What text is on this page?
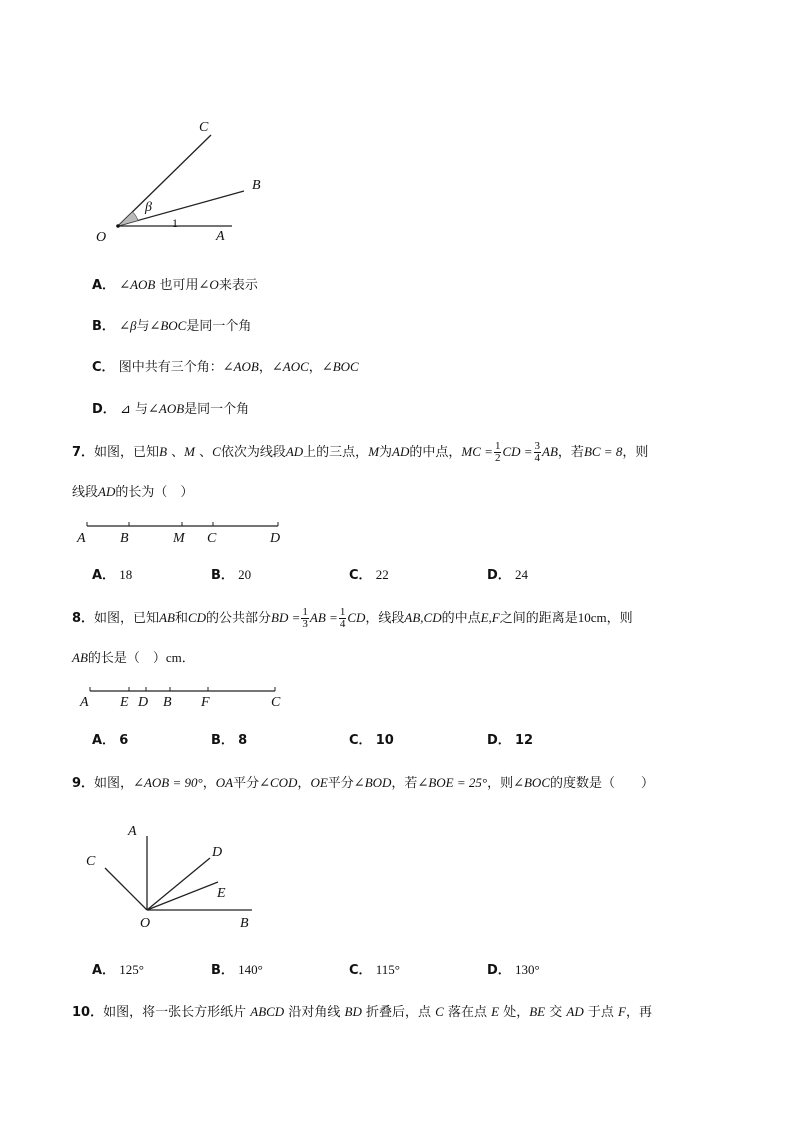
C
B
O	A
β
1
A． ∠AOB 也可用∠O来表示
B． ∠β与∠BOC是同一个角
C． 图中共有三个角：∠AOB，∠AOC，∠BOC
D． ⊿ 与∠AOB是同一个角
7．如图，已知B 、M 、C依次为线段AD上的三点，M为AD的中点，MC = $\frac{1}{2}$ CD = $\frac{3}{4}$ AB，若BC = 8，则
线段AD的长为（　）
A B	M C	D
A． 18	B． 20	C． 22	D． 24
8．如图，已知AB和CD的公共部分BD = $\frac{1}{3}$ AB = $\frac{1}{4}$ CD，线段AB,CD的中点E,F之间的距离是10cm，则
AB的长是（　）cm．
A E D B F	C
A． 6	B． 8	C． 10	D． 12
9．如图，∠AOB = 90°，OA平分∠COD，OE平分∠BOD，若∠BOE = 25°，则∠BOC的度数是（　　）
A
C
D
E
O	B
A． 125°	B． 140°	C． 115°	D． 130°
10．如图，将一张长方形纸片 ABCD 沿对角线 BD 折叠后，点 C 落在点 E 处，BE 交 AD 于点 F，再
